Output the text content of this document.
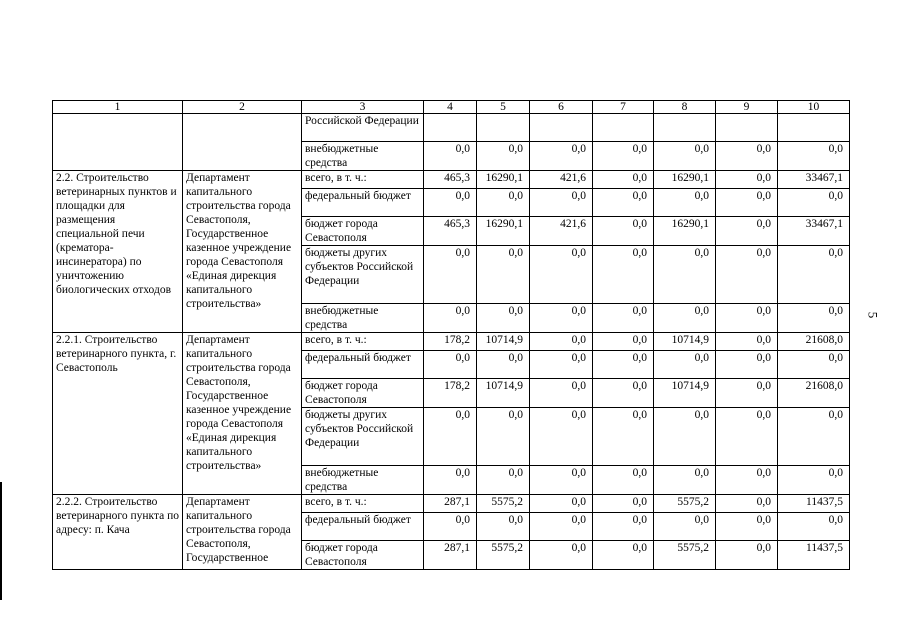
1	2	3	4	5	6	7	8	9	10
		Российской Федерации							
		внебюджетные средства	0,0	0,0	0,0	0,0	0,0	0,0	0,0
2.2. Строительство ветеринарных пунктов и площадки для размещения специальной печи (крематора-инсинератора) по уничтожению биологических отходов	Департамент капитального строительства города Севастополя, Государственное казенное учреждение города Севастополя «Единая дирекция капитального строительства»	всего, в т. ч.:	465,3	16290,1	421,6	0,0	16290,1	0,0	33467,1
		федеральный бюджет	0,0	0,0	0,0	0,0	0,0	0,0	0,0
		бюджет города Севастополя	465,3	16290,1	421,6	0,0	16290,1	0,0	33467,1
		бюджеты других субъектов Российской Федерации	0,0	0,0	0,0	0,0	0,0	0,0	0,0
		внебюджетные средства	0,0	0,0	0,0	0,0	0,0	0,0	0,0
2.2.1. Строительство ветеринарного пункта, г. Севастополь	Департамент капитального строительства города Севастополя, Государственное казенное учреждение города Севастополя «Единая дирекция капитального строительства»	всего, в т. ч.:	178,2	10714,9	0,0	0,0	10714,9	0,0	21608,0
		федеральный бюджет	0,0	0,0	0,0	0,0	0,0	0,0	0,0
		бюджет города Севастополя	178,2	10714,9	0,0	0,0	10714,9	0,0	21608,0
		бюджеты других субъектов Российской Федерации	0,0	0,0	0,0	0,0	0,0	0,0	0,0
		внебюджетные средства	0,0	0,0	0,0	0,0	0,0	0,0	0,0
2.2.2. Строительство ветеринарного пункта по адресу: п. Кача	Департамент капитального строительства города Севастополя, Государственное	всего, в т. ч.:	287,1	5575,2	0,0	0,0	5575,2	0,0	11437,5
		федеральный бюджет	0,0	0,0	0,0	0,0	0,0	0,0	0,0
		бюджет города Севастополя	287,1	5575,2	0,0	0,0	5575,2	0,0	11437,5
5
